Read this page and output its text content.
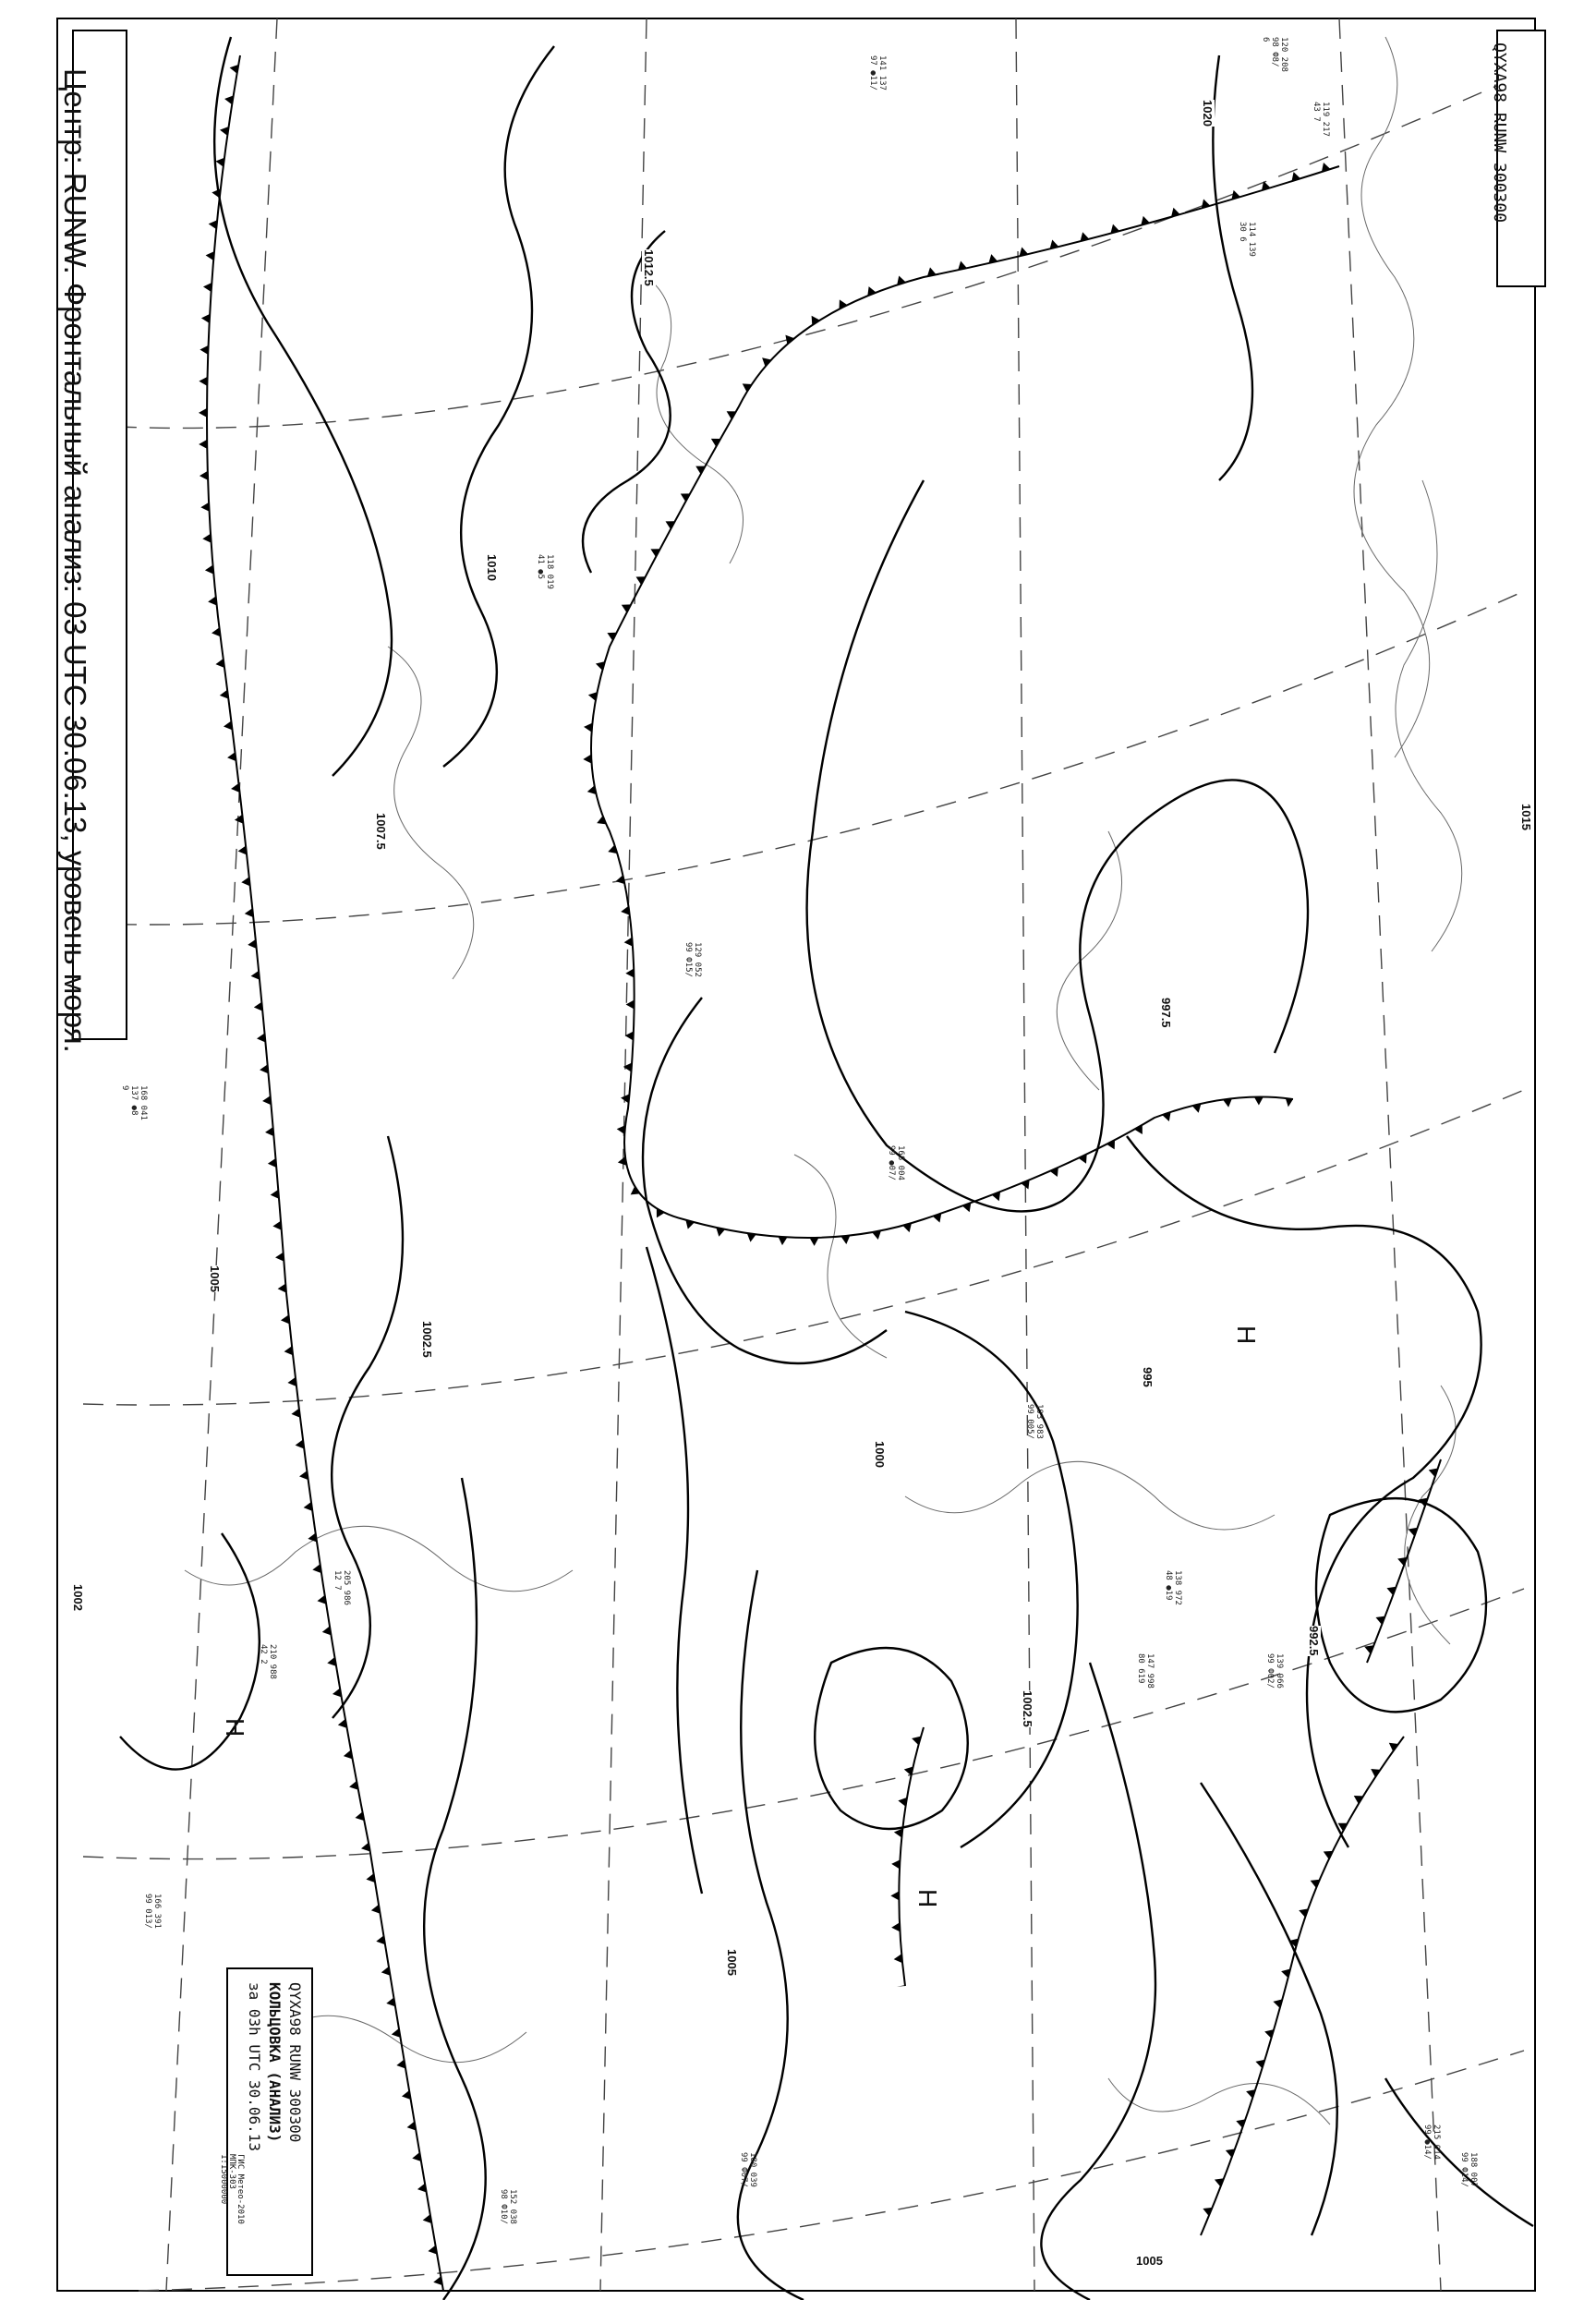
1020
1012.5
1010
1007.5
1005
1002.5
1000
997.5
995
992.5
1015
1005
1002.5
1005
1002
Н
Н
Н
168 041
137 ●8
9
120 208
98 Ф8/
6
141 137
97 ●11/
119 217
43 7
114 139
30 6
205 986
12 7
129 052
99 Ф15/
118 019
41 ●5
103 983
99 005/
139 966
99 Ф02/
152 038
98 Ф10/
166 391
99 013/
210 988
42 2
215 014
99 ●14/
188 007
99 Ф14/
180 039
99 Ф07/
147 998
80 619
168 004
99 ●07/
138 972
48 ●19
Центр: RUNW. Фронтальный анализ: 03 UTC 30.06.13, уровень моря.	QYXA98 RUNW 300300
QYXA98 RUNW 300300
КОЛЬЦОВКА (АНАЛИЗ)
за 03h UTC 30.06.13
ГИС Метео-2010
МПК-303
1:15000000
